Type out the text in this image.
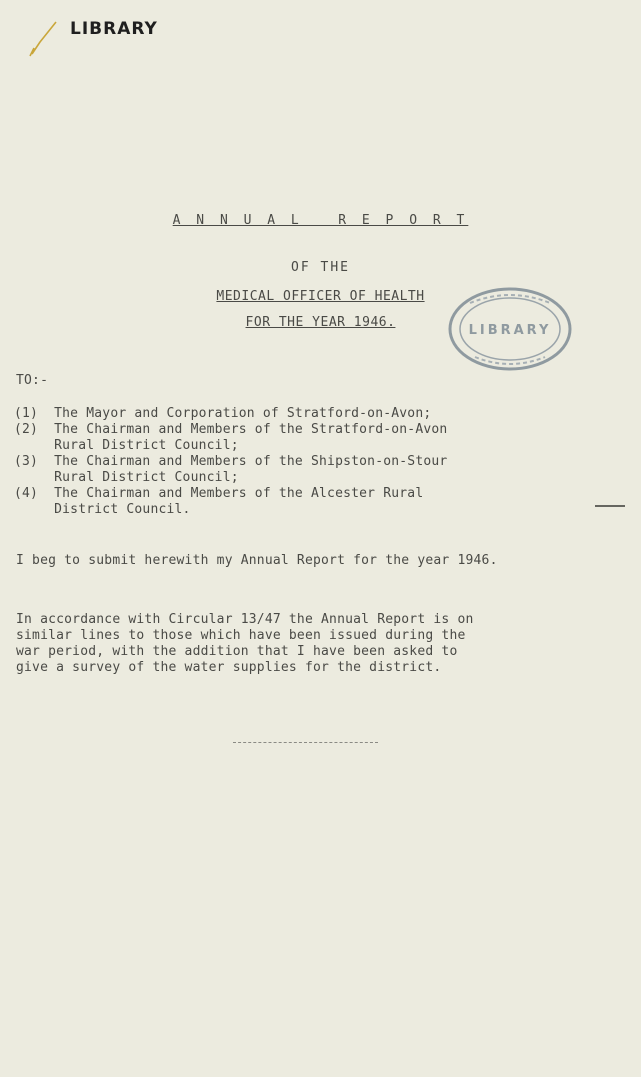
LIBRARY
A N N U A L   R E P O R T
OF THE
MEDICAL OFFICER OF HEALTH
FOR THE YEAR 1946.
LIBRARY
TO:-
(1)  The Mayor and Corporation of Stratford-on-Avon;
(2)  The Chairman and Members of the Stratford-on-Avon
Rural District Council;
(3)  The Chairman and Members of the Shipston-on-Stour
Rural District Council;
(4)  The Chairman and Members of the Alcester Rural
District Council.
I beg to submit herewith my Annual Report for the year 1946.
In accordance with Circular 13/47 the Annual Report is on
similar lines to those which have been issued during the
war period, with the addition that I have been asked to
give a survey of the water supplies for the district.
